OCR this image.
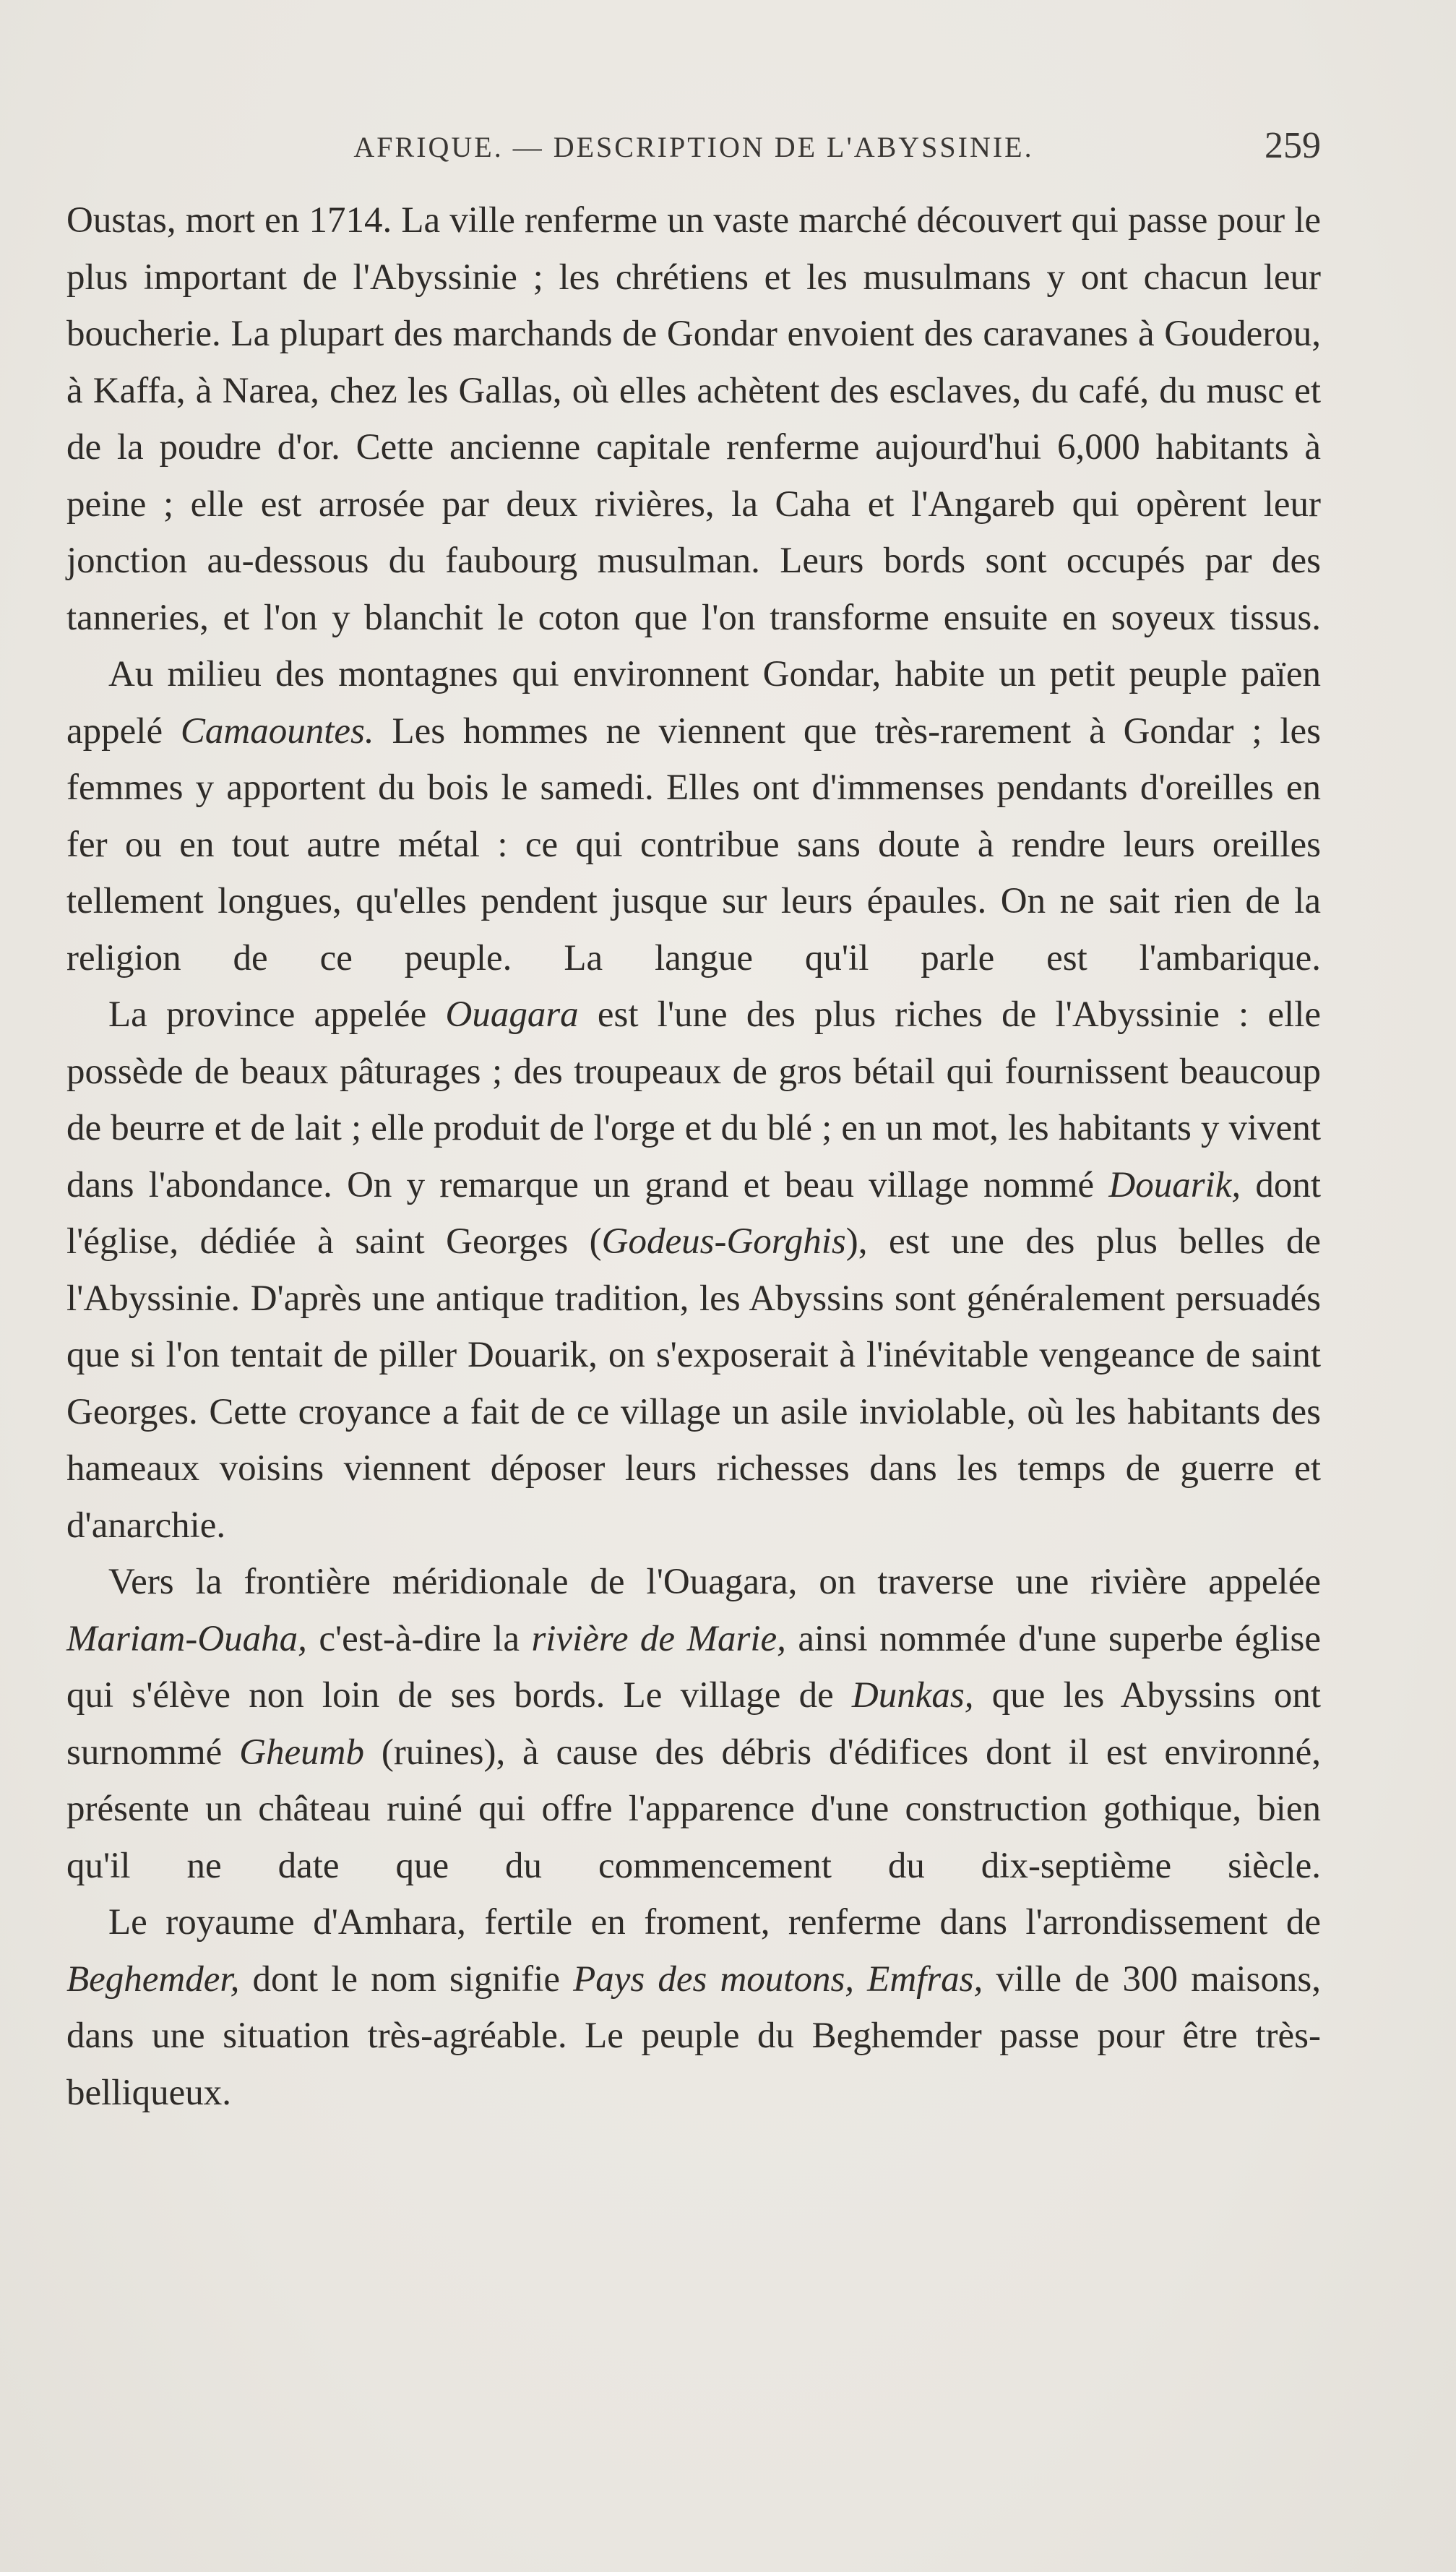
AFRIQUE. — DESCRIPTION DE L'ABYSSINIE.	259

Oustas, mort en 1714. La ville renferme un vaste marché découvert qui passe pour le plus important de l'Abyssinie ; les chrétiens et les musulmans y ont chacun leur boucherie. La plupart des marchands de Gondar envoient des caravanes à Gouderou, à Kaffa, à Narea, chez les Gallas, où elles achètent des esclaves, du café, du musc et de la poudre d'or. Cette ancienne capitale renferme aujourd'hui 6,000 habitants à peine ; elle est arrosée par deux rivières, la Caha et l'Angareb qui opèrent leur jonction au-dessous du faubourg musulman. Leurs bords sont occupés par des tanneries, et l'on y blanchit le coton que l'on transforme ensuite en soyeux tissus.

Au milieu des montagnes qui environnent Gondar, habite un petit peuple païen appelé Camaountes. Les hommes ne viennent que très-rarement à Gondar ; les femmes y apportent du bois le samedi. Elles ont d'immenses pendants d'oreilles en fer ou en tout autre métal : ce qui contribue sans doute à rendre leurs oreilles tellement longues, qu'elles pendent jusque sur leurs épaules. On ne sait rien de la religion de ce peuple. La langue qu'il parle est l'ambarique.

La province appelée Ouagara est l'une des plus riches de l'Abyssinie : elle possède de beaux pâturages ; des troupeaux de gros bétail qui fournissent beaucoup de beurre et de lait ; elle produit de l'orge et du blé ; en un mot, les habitants y vivent dans l'abondance. On y remarque un grand et beau village nommé Douarik, dont l'église, dédiée à saint Georges (Godeus-Gorghis), est une des plus belles de l'Abyssinie. D'après une antique tradition, les Abyssins sont généralement persuadés que si l'on tentait de piller Douarik, on s'exposerait à l'inévitable vengeance de saint Georges. Cette croyance a fait de ce village un asile inviolable, où les habitants des hameaux voisins viennent déposer leurs richesses dans les temps de guerre et d'anarchie.

Vers la frontière méridionale de l'Ouagara, on traverse une rivière appelée Mariam-Ouaha, c'est-à-dire la rivière de Marie, ainsi nommée d'une superbe église qui s'élève non loin de ses bords. Le village de Dunkas, que les Abyssins ont surnommé Gheumb (ruines), à cause des débris d'édifices dont il est environné, présente un château ruiné qui offre l'apparence d'une construction gothique, bien qu'il ne date que du commencement du dix-septième siècle.

Le royaume d'Amhara, fertile en froment, renferme dans l'arrondissement de Beghemder, dont le nom signifie Pays des moutons, Emfras, ville de 300 maisons, dans une situation très-agréable. Le peuple du Beghemder passe pour être très-belliqueux.
